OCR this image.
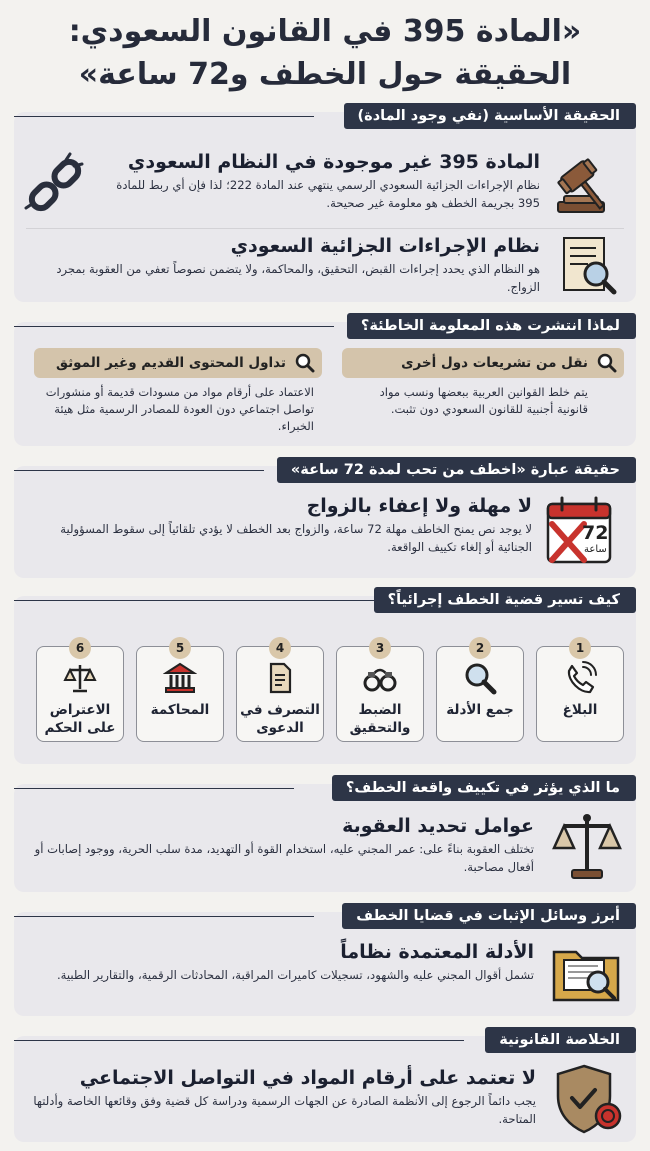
«المادة 395 في القانون السعودي:
الحقيقة حول الخطف و72 ساعة»
الحقيقة الأساسية (نفي وجود المادة)
المادة 395 غير موجودة في النظام السعودي
نظام الإجراءات الجزائية السعودي الرسمي ينتهي عند المادة 222؛ لذا فإن أي ربط للمادة 395 بجريمة الخطف هو معلومة غير صحيحة.
نظام الإجراءات الجزائية السعودي
هو النظام الذي يحدد إجراءات القبض، التحقيق، والمحاكمة، ولا يتضمن نصوصاً تعفي من العقوبة بمجرد الزواج.
لماذا انتشرت هذه المعلومة الخاطئة؟
نقل من تشريعات دول أخرى
تداول المحتوى القديم وغير الموثق
يتم خلط القوانين العربية ببعضها ونسب مواد قانونية أجنبية للقانون السعودي دون تثبت.
الاعتماد على أرقام مواد من مسودات قديمة أو منشورات تواصل اجتماعي دون العودة للمصادر الرسمية مثل هيئة الخبراء.
حقيقة عبارة «اخطف من تحب لمدة 72 ساعة»
72
ساعة
لا مهلة ولا إعفاء بالزواج
لا يوجد نص يمنح الخاطف مهلة 72 ساعة، والزواج بعد الخطف لا يؤدي تلقائياً إلى سقوط المسؤولية الجنائية أو إلغاء تكييف الواقعة.
كيف تسير قضية الخطف إجرائياً؟
1
البلاغ
2
جمع الأدلة
3
الضبط والتحقيق
4
التصرف في الدعوى
5
المحاكمة
6
الاعتراض على الحكم
ما الذي يؤثر في تكييف واقعة الخطف؟
عوامل تحديد العقوبة
تختلف العقوبة بناءً على: عمر المجني عليه، استخدام القوة أو التهديد، مدة سلب الحرية، ووجود إصابات أو أفعال مصاحبة.
أبرز وسائل الإثبات في قضايا الخطف
الأدلة المعتمدة نظاماً
تشمل أقوال المجني عليه والشهود، تسجيلات كاميرات المراقبة، المحادثات الرقمية، والتقارير الطبية.
الخلاصة القانونية
لا تعتمد على أرقام المواد في التواصل الاجتماعي
يجب دائماً الرجوع إلى الأنظمة الصادرة عن الجهات الرسمية ودراسة كل قضية وفق وقائعها الخاصة وأدلتها المتاحة.
